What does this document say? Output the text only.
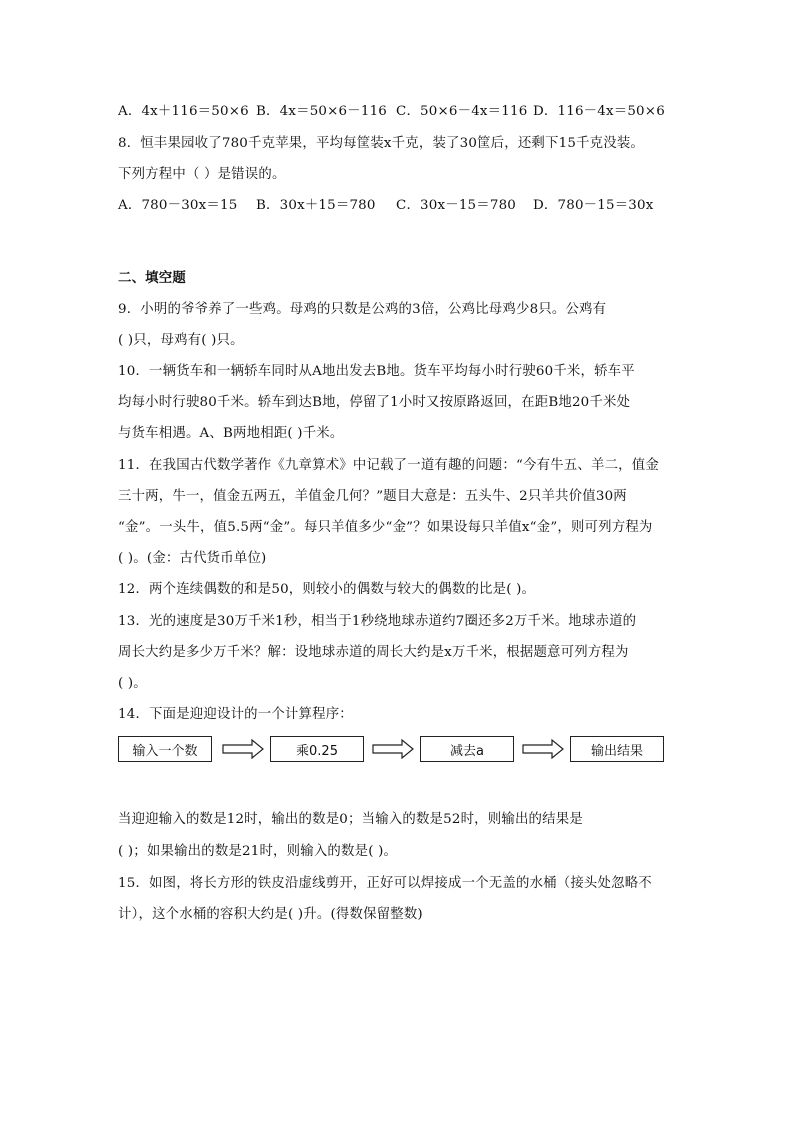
A．4x＋116＝50×6 B．4x＝50×6－116 C．50×6－4x＝116 D．116－4x＝50×6
8．恒丰果园收了780千克苹果，平均每筐装x千克，装了30筐后，还剩下15千克没装。
下列方程中（ ）是错误的。
A．780－30x＝15 B．30x＋15＝780 C．30x－15＝780 D．780－15＝30x
二、填空题
9．小明的爷爷养了一些鸡。母鸡的只数是公鸡的3倍，公鸡比母鸡少8只。公鸡有
( )只，母鸡有( )只。
10．一辆货车和一辆轿车同时从A地出发去B地。货车平均每小时行驶60千米，轿车平
均每小时行驶80千米。轿车到达B地，停留了1小时又按原路返回，在距B地20千米处
与货车相遇。A、B两地相距( )千米。
11．在我国古代数学著作《九章算术》中记载了一道有趣的问题：“今有牛五、羊二，值金
三十两，牛一，值金五两五，羊值金几何？”题目大意是：五头牛、2只羊共价值30两
“金”。一头牛，值5.5两“金”。每只羊值多少“金”？如果设每只羊值x“金”，则可列方程为
( )。(金：古代货币单位)
12．两个连续偶数的和是50，则较小的偶数与较大的偶数的比是( )。
13．光的速度是30万千米1秒，相当于1秒绕地球赤道约7圈还多2万千米。地球赤道的
周长大约是多少万千米？解：设地球赤道的周长大约是x万千米，根据题意可列方程为
( )。
14．下面是迎迎设计的一个计算程序：
输入一个数	乘0.25	减去a	输出结果
当迎迎输入的数是12时，输出的数是0；当输入的数是52时，则输出的结果是
( )；如果输出的数是21时，则输入的数是( )。
15．如图，将长方形的铁皮沿虚线剪开，正好可以焊接成一个无盖的水桶（接头处忽略不
计），这个水桶的容积大约是( )升。(得数保留整数)
